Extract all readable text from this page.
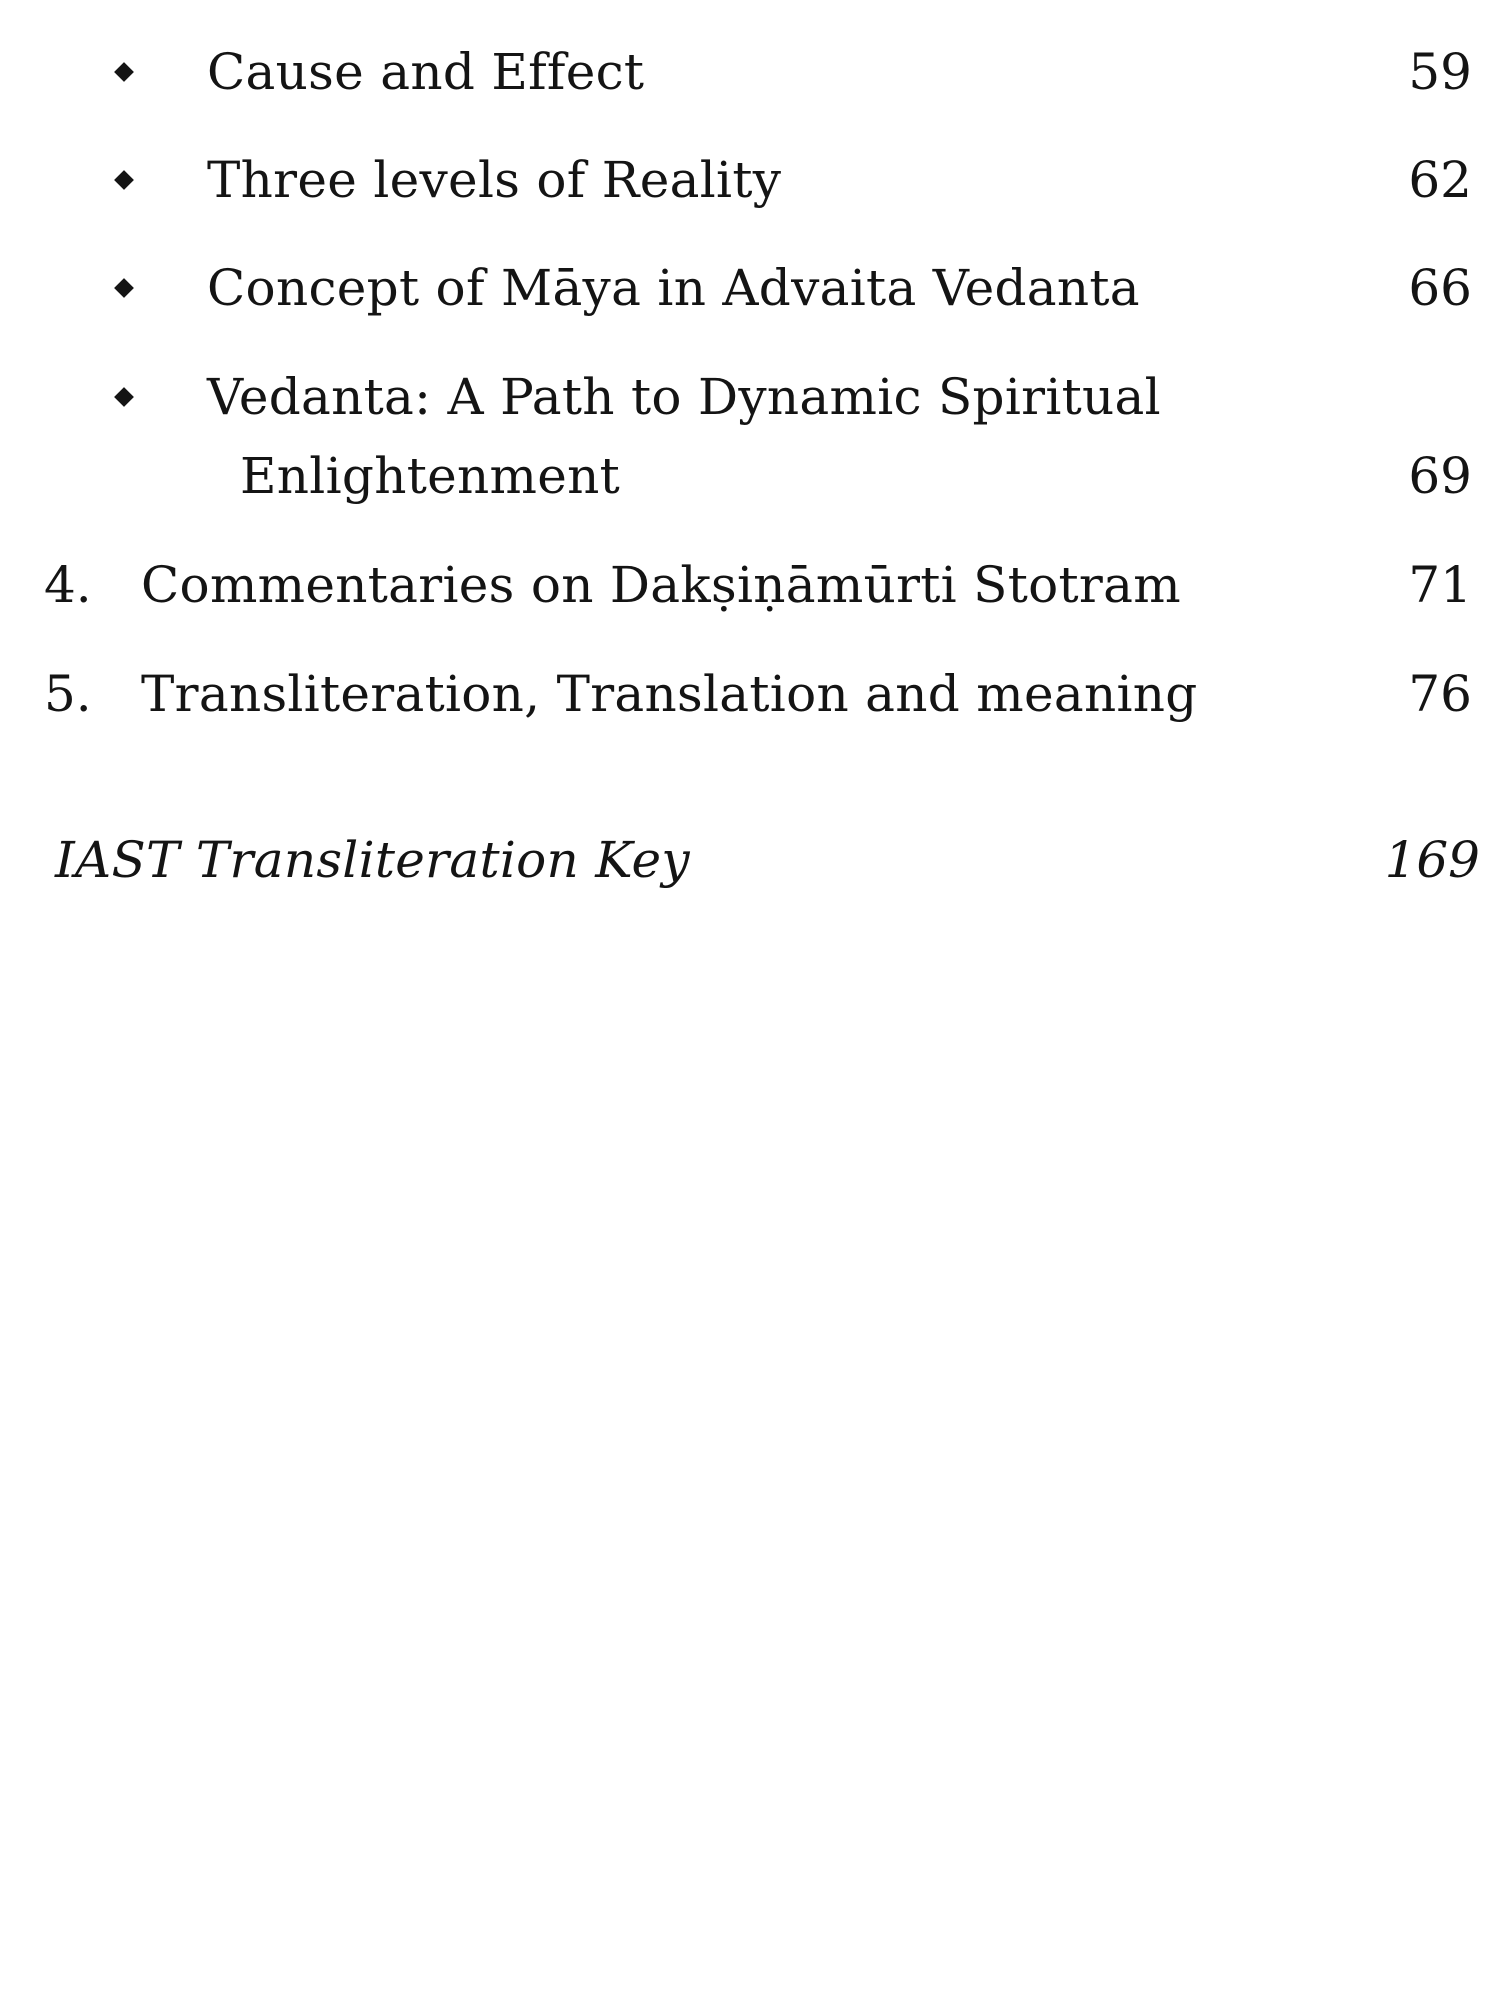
Cause and Effect	59
Three levels of Reality	62
Concept of Māya in Advaita Vedanta	66
Vedanta: A Path to Dynamic Spiritual
Enlightenment	69
4. Commentaries on Dakṣiṇāmūrti Stotram	71
5. Transliteration, Translation and meaning	76
IAST Transliteration Key	169
